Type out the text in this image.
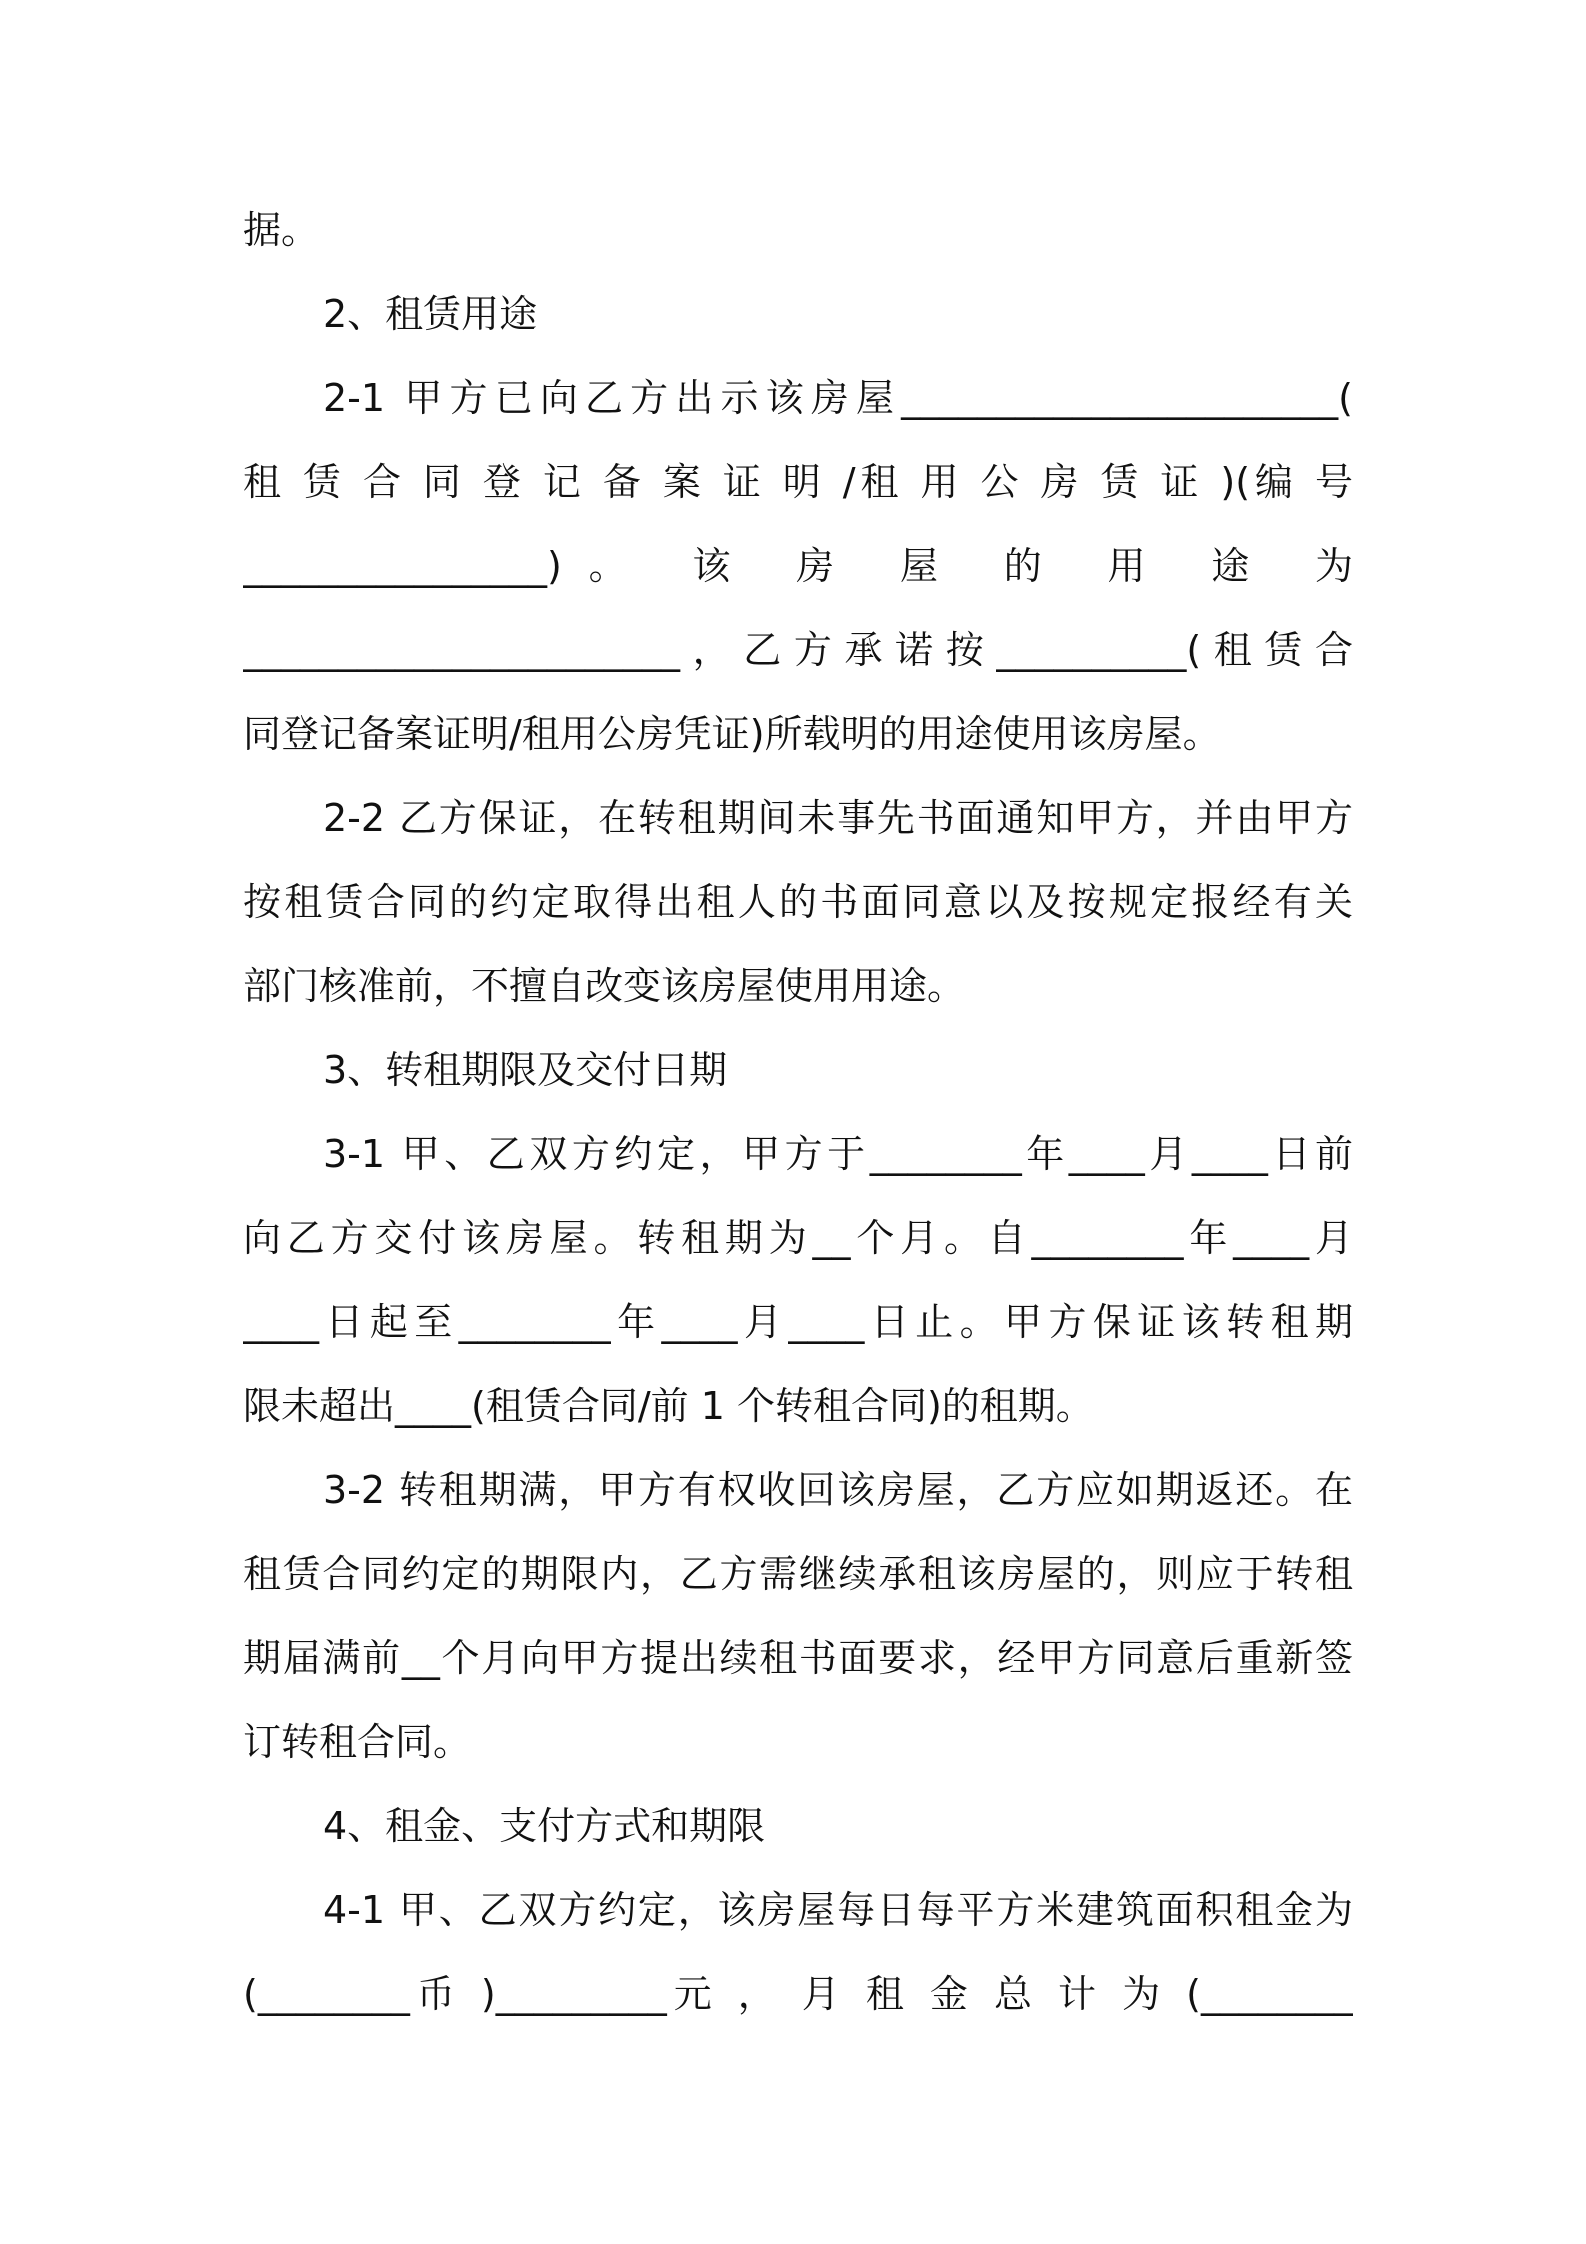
据。
2、租赁用途
2-1 甲方已向乙方出示该房屋_______________________(
租 赁 合 同 登 记 备 案 证 明 /租 用 公 房 赁 证 )(编 号
________________)。 该 房 屋 的 用 途 为
_______________________，乙方承诺按__________(租赁合
同登记备案证明/租用公房凭证)所载明的用途使用该房屋。
2-2 乙方保证，在转租期间未事先书面通知甲方，并由甲方
按租赁合同的约定取得出租人的书面同意以及按规定报经有关
部门核准前，不擅自改变该房屋使用用途。
3、转租期限及交付日期
3-1 甲、乙双方约定，甲方于________年____月____日前
向乙方交付该房屋。转租期为__个月。自________年____月
____日起至________年____月____日止。甲方保证该转租期
限未超出____(租赁合同/前 1 个转租合同)的租期。
3-2 转租期满，甲方有权收回该房屋，乙方应如期返还。在
租赁合同约定的期限内，乙方需继续承租该房屋的，则应于转租
期届满前__个月向甲方提出续租书面要求，经甲方同意后重新签
订转租合同。
4、租金、支付方式和期限
4-1 甲、乙双方约定，该房屋每日每平方米建筑面积租金为
(________币 )_________元 ， 月 租 金 总 计 为 (________
